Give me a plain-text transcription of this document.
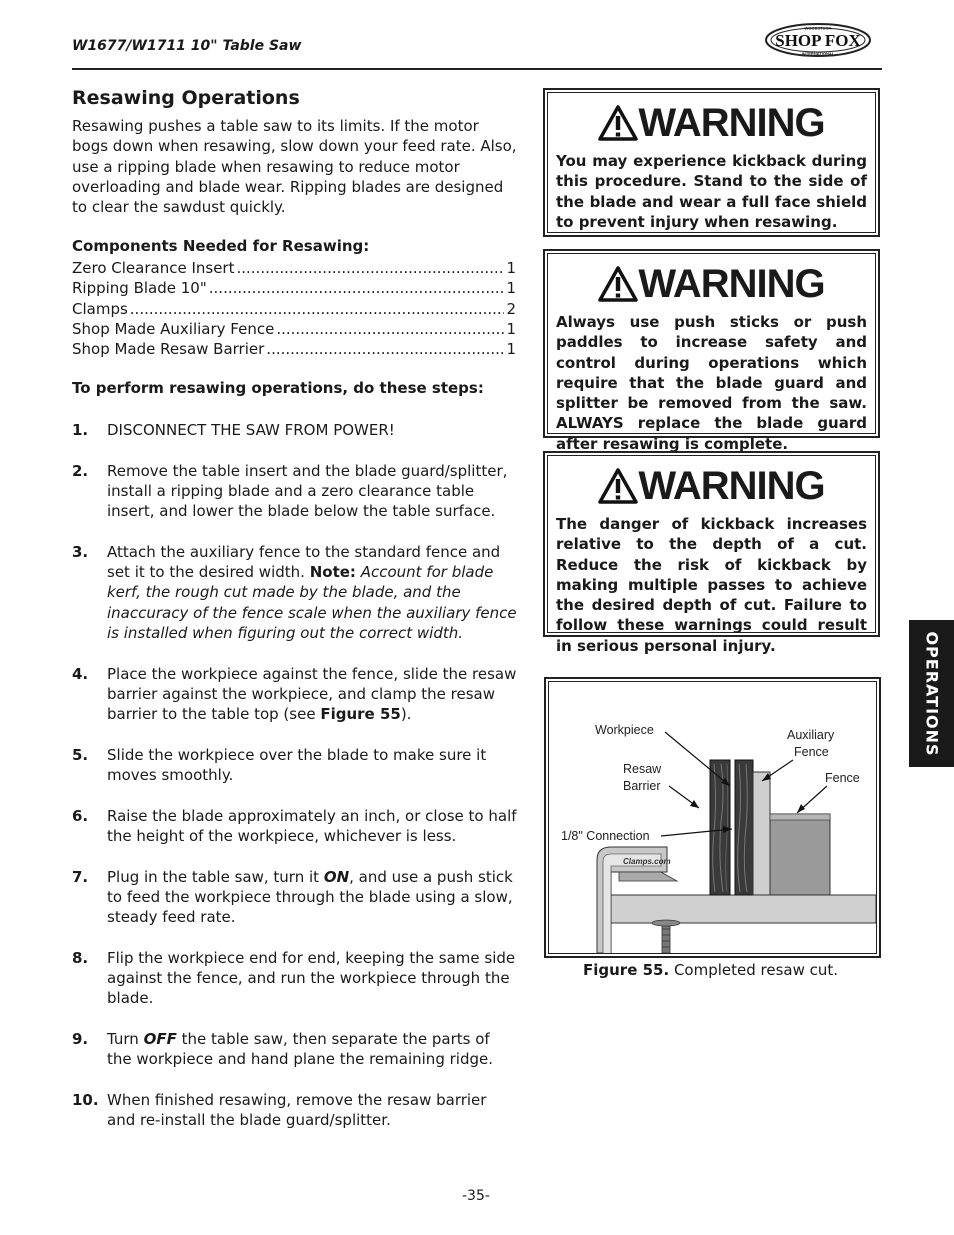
W1677/W1711 10" Table Saw	SHOP FOX
WOODSTOCK
INTERNATIONAL
Resawing Operations
Resawing pushes a table saw to its limits. If the motor bogs down when resawing, slow down your feed rate. Also, use a ripping blade when resawing to reduce motor overloading and blade wear. Ripping blades are designed to clear the sawdust quickly.
Components Needed for Resawing:
Zero Clearance Insert .....	1
Ripping Blade 10" .....	1
Clamps .....	2
Shop Made Auxiliary Fence .....	1
Shop Made Resaw Barrier .....	1
To perform resawing operations, do these steps:
1.	DISCONNECT THE SAW FROM POWER!
2.	Remove the table insert and the blade guard/splitter, install a ripping blade and a zero clearance table insert, and lower the blade below the table surface.
3.	Attach the auxiliary fence to the standard fence and set it to the desired width. Note: Account for blade kerf, the rough cut made by the blade, and the inaccuracy of the fence scale when the auxiliary fence is installed when figuring out the correct width.
4.	Place the workpiece against the fence, slide the resaw barrier against the workpiece, and clamp the resaw barrier to the table top (see Figure 55).
5.	Slide the workpiece over the blade to make sure it moves smoothly.
6.	Raise the blade approximately an inch, or close to half the height of the workpiece, whichever is less.
7.	Plug in the table saw, turn it ON, and use a push stick to feed the workpiece through the blade using a slow, steady feed rate.
8.	Flip the workpiece end for end, keeping the same side against the fence, and run the workpiece through the blade.
9.	Turn OFF the table saw, then separate the parts of the workpiece and hand plane the remaining ridge.
10. When finished resawing, remove the resaw barrier and re-install the blade guard/splitter.
WARNING
You may experience kickback during this procedure. Stand to the side of the blade and wear a full face shield to prevent injury when resawing.
WARNING
Always use push sticks or push paddles to increase safety and control during operations which require that the blade guard and splitter be removed from the saw. ALWAYS replace the blade guard after resawing is complete.
WARNING
The danger of kickback increases relative to the depth of a cut. Reduce the risk of kickback by making multiple passes to achieve the desired depth of cut. Failure to follow these warnings could result in serious personal injury.
Clamps.com
Workpiece	Auxiliary
Fence
Resaw
Barrier
Fence
1/8" Connection
Figure 55. Completed resaw cut.
OPERATIONS
-35-
